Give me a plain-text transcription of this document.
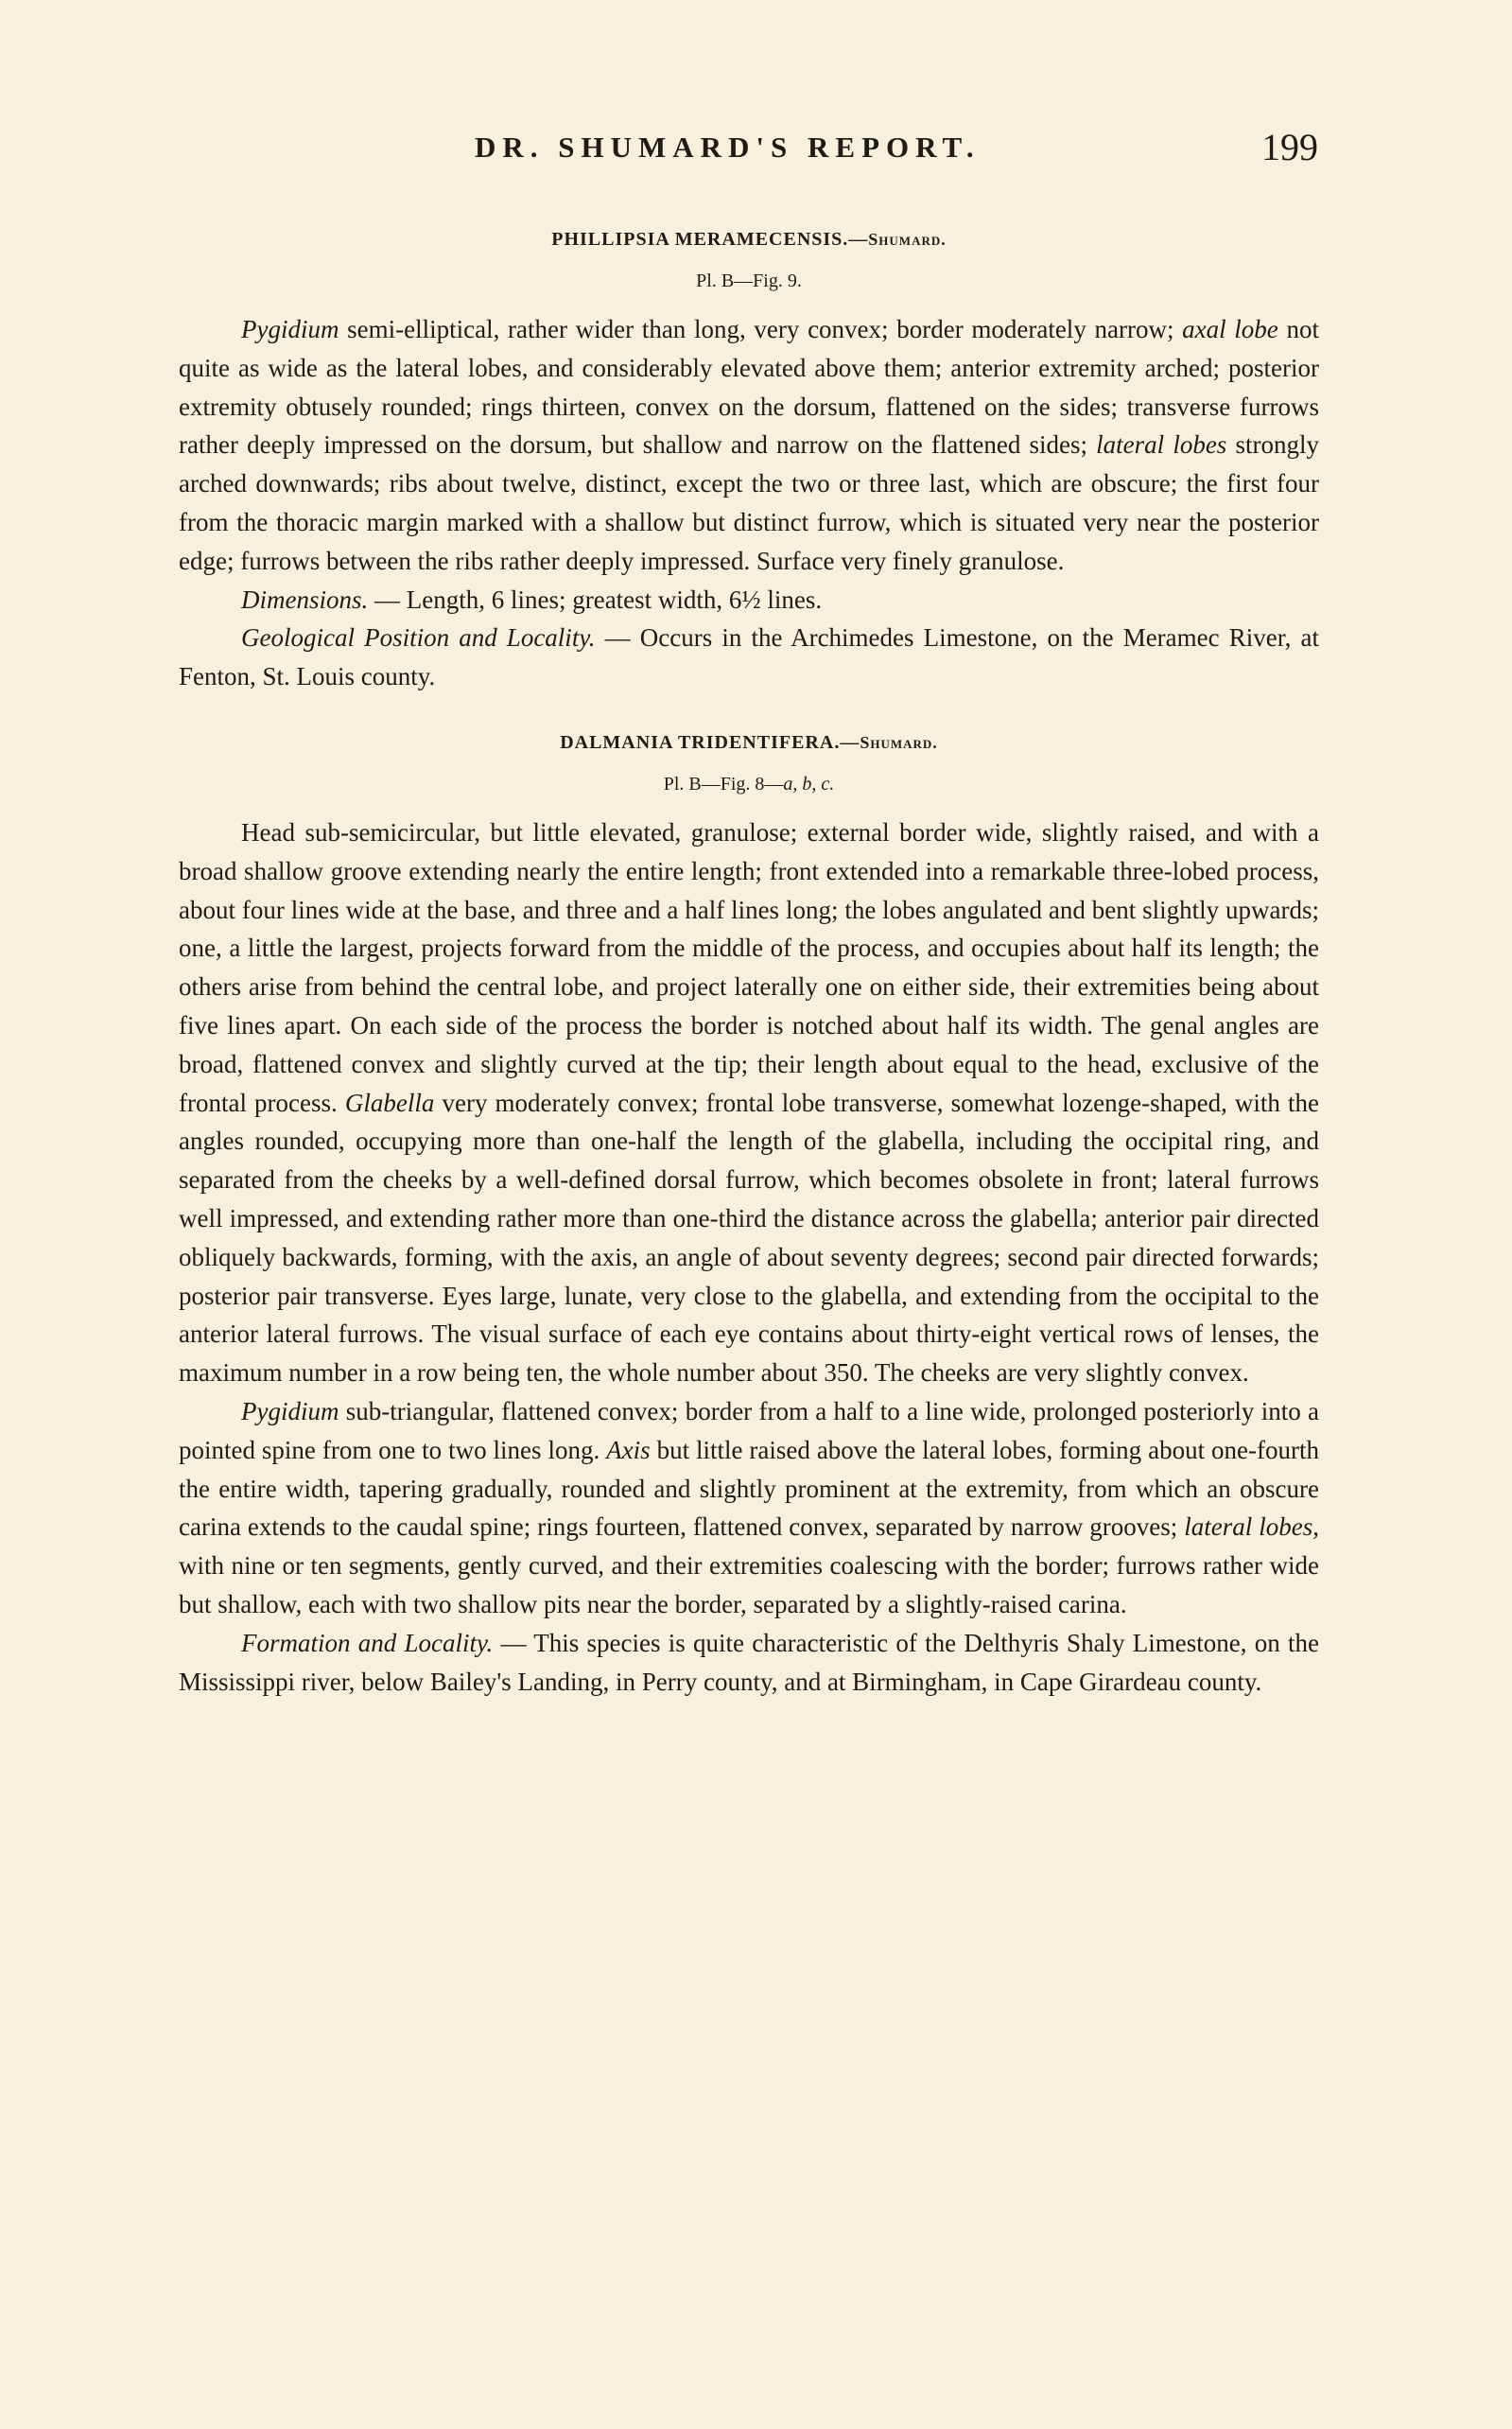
DR. SHUMARD'S REPORT.	199

PHILLIPSIA MERAMECENSIS.—Shumard.

Pl. B—Fig. 9.

Pygidium semi-elliptical, rather wider than long, very convex; border moderately narrow; axal lobe not quite as wide as the lateral lobes, and considerably elevated above them; anterior extremity arched; posterior extremity obtusely rounded; rings thirteen, convex on the dorsum, flattened on the sides; transverse furrows rather deeply impressed on the dorsum, but shallow and narrow on the flattened sides; lateral lobes strongly arched downwards; ribs about twelve, distinct, except the two or three last, which are obscure; the first four from the thoracic margin marked with a shallow but distinct furrow, which is situated very near the posterior edge; furrows between the ribs rather deeply impressed. Surface very finely granulose.

Dimensions. — Length, 6 lines; greatest width, 6½ lines.

Geological Position and Locality. — Occurs in the Archimedes Limestone, on the Meramec River, at Fenton, St. Louis county.

DALMANIA TRIDENTIFERA.—Shumard.

Pl. B—Fig. 8—a, b, c.

Head sub-semicircular, but little elevated, granulose; external border wide, slightly raised, and with a broad shallow groove extending nearly the entire length; front extended into a remarkable three-lobed process, about four lines wide at the base, and three and a half lines long; the lobes angulated and bent slightly upwards; one, a little the largest, projects forward from the middle of the process, and occupies about half its length; the others arise from behind the central lobe, and project laterally one on either side, their extremities being about five lines apart. On each side of the process the border is notched about half its width. The genal angles are broad, flattened convex and slightly curved at the tip; their length about equal to the head, exclusive of the frontal process. Glabella very moderately convex; frontal lobe transverse, somewhat lozenge-shaped, with the angles rounded, occupying more than one-half the length of the glabella, including the occipital ring, and separated from the cheeks by a well-defined dorsal furrow, which becomes obsolete in front; lateral furrows well impressed, and extending rather more than one-third the distance across the glabella; anterior pair directed obliquely backwards, forming, with the axis, an angle of about seventy degrees; second pair directed forwards; posterior pair transverse. Eyes large, lunate, very close to the glabella, and extending from the occipital to the anterior lateral furrows. The visual surface of each eye contains about thirty-eight vertical rows of lenses, the maximum number in a row being ten, the whole number about 350. The cheeks are very slightly convex.

Pygidium sub-triangular, flattened convex; border from a half to a line wide, prolonged posteriorly into a pointed spine from one to two lines long. Axis but little raised above the lateral lobes, forming about one-fourth the entire width, tapering gradually, rounded and slightly prominent at the extremity, from which an obscure carina extends to the caudal spine; rings fourteen, flattened convex, separated by narrow grooves; lateral lobes, with nine or ten segments, gently curved, and their extremities coalescing with the border; furrows rather wide but shallow, each with two shallow pits near the border, separated by a slightly-raised carina.

Formation and Locality. — This species is quite characteristic of the Delthyris Shaly Limestone, on the Mississippi river, below Bailey's Landing, in Perry county, and at Birmingham, in Cape Girardeau county.
